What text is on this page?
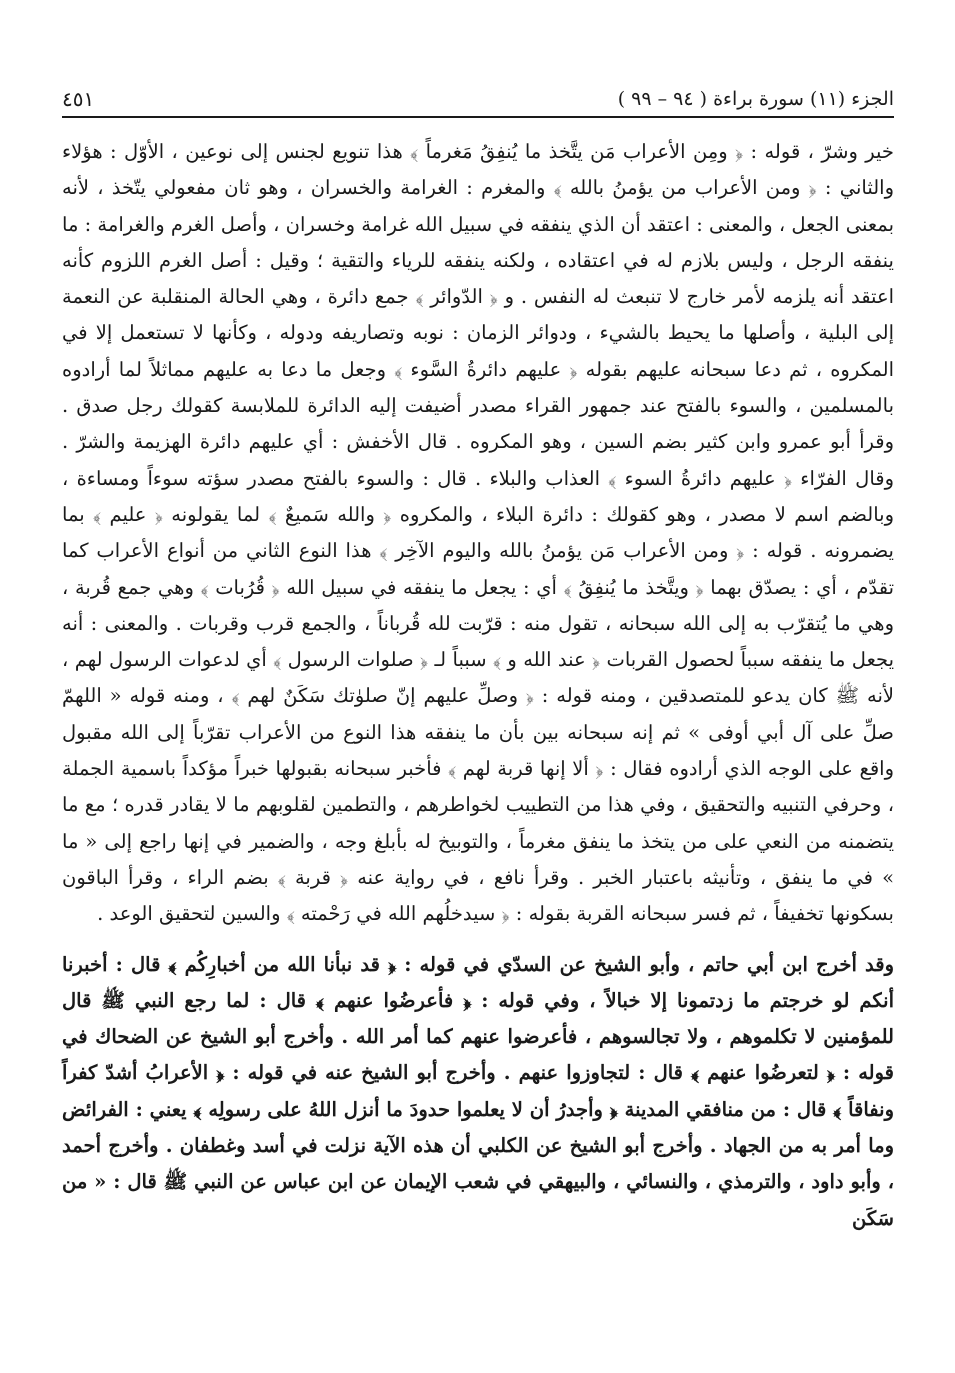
الجزء (١١) سورة براءة ( ٩٤ – ٩٩ )
٤٥١

خير وشرّ ، قوله : ﴿ ومِن الأعراب مَن يتَّخذ ما يُنفِقُ مَغرماً ﴾ هذا تنويع لجنس إلى نوعين ، الأوّل : هؤلاء والثاني : ﴿ ومن الأعراب من يؤمنُ بالله ﴾ والمغرم : الغرامة والخسران ، وهو ثان مفعولي يتّخذ ، لأنه بمعنى الجعل ، والمعنى : اعتقد أن الذي ينفقه في سبيل الله غرامة وخسران ، وأصل الغرم والغرامة : ما ينفقه الرجل ، وليس بلازم له في اعتقاده ، ولكنه ينفقه للرياء والتقية ؛ وقيل : أصل الغرم اللزوم كأنه اعتقد أنه يلزمه لأمر خارج لا تنبعث له النفس . و ﴿ الدّوائر ﴾ جمع دائرة ، وهي الحالة المنقلبة عن النعمة إلى البلية ، وأصلها ما يحيط بالشيء ، ودوائر الزمان : نوبه وتصاريفه ودوله ، وكأنها لا تستعمل إلا في المكروه ، ثم دعا سبحانه عليهم بقوله ﴿ عليهم دائرةُ السَّوء ﴾ وجعل ما دعا به عليهم مماثلاً لما أرادوه بالمسلمين ، والسوء بالفتح عند جمهور القراء مصدر أضيفت إليه الدائرة للملابسة كقولك رجل صدق . وقرأ أبو عمرو وابن كثير بضم السين ، وهو المكروه . قال الأخفش : أي عليهم دائرة الهزيمة والشرّ . وقال الفرّاء ﴿ عليهم دائرةُ السوء ﴾ العذاب والبلاء . قال : والسوء بالفتح مصدر سؤته سوءاً ومساءة ، وبالضم اسم لا مصدر ، وهو كقولك : دائرة البلاء ، والمكروه ﴿ والله سَميعٌ ﴾ لما يقولونه ﴿ عليم ﴾ بما يضمرونه . قوله : ﴿ ومن الأعراب مَن يؤمنُ بالله واليوم الآخِر ﴾ هذا النوع الثاني من أنواع الأعراب كما تقدّم ، أي : يصدّق بهما ﴿ ويتَّخذ ما يُنفِقُ ﴾ أي : يجعل ما ينفقه في سبيل الله ﴿ قُرُبات ﴾ وهي جمع قُربة ، وهي ما يُتقرّب به إلى الله سبحانه ، تقول منه : قرّبت لله قُرباناً ، والجمع قرب وقربات . والمعنى : أنه يجعل ما ينفقه سبباً لحصول القربات ﴿ عند الله و ﴾ سبباً لـ ﴿ صلوات الرسول ﴾ أي لدعوات الرسول لهم ، لأنه ﷺ كان يدعو للمتصدقين ، ومنه قوله : ﴿ وصلِّ عليهم إنّ صلوٰتك سَكَنٌ لهم ﴾ ، ومنه قوله « اللهمّ صلِّ على آل أبي أوفى » ثم إنه سبحانه بين بأن ما ينفقه هذا النوع من الأعراب تقرّباً إلى الله مقبول واقع على الوجه الذي أرادوه فقال : ﴿ ألا إنها قربة لهم ﴾ فأخبر سبحانه بقبولها خبراً مؤكداً باسمية الجملة ، وحرفي التنبيه والتحقيق ، وفي هذا من التطييب لخواطرهم ، والتطمين لقلوبهم ما لا يقادر قدره ؛ مع ما يتضمنه من النعي على من يتخذ ما ينفق مغرماً ، والتوبيخ له بأبلغ وجه ، والضمير في إنها راجع إلى « ما » في ما ينفق ، وتأنيثه باعتبار الخبر . وقرأ نافع ، في رواية عنه ﴿ قربة ﴾ بضم الراء ، وقرأ الباقون بسكونها تخفيفاً ، ثم فسر سبحانه القربة بقوله : ﴿ سيدخلُهم الله في رَحْمته ﴾ والسين لتحقيق الوعد .

وقد أخرج ابن أبي حاتم ، وأبو الشيخ عن السدّي في قوله : ﴿ قد نبأنا الله من أخبارِكُم ﴾ قال : أخبرنا أنكم لو خرجتم ما زدتمونا إلا خبالاً ، وفي قوله : ﴿ فأعرضُوا عنهم ﴾ قال : لما رجع النبي ﷺ قال للمؤمنين لا تكلموهم ، ولا تجالسوهم ، فأعرضوا عنهم كما أمر الله . وأخرج أبو الشيخ عن الضحاك في قوله : ﴿ لتعرضُوا عنهم ﴾ قال : لتجاوزوا عنهم . وأخرج أبو الشيخ عنه في قوله : ﴿ الأعرابُ أشدّ كفراً ونفاقاً ﴾ قال : من منافقي المدينة ﴿ وأجدرُ أن لا يعلموا حدودَ ما أنزل اللهُ على رسولِه ﴾ يعني : الفرائض وما أمر به من الجهاد . وأخرج أبو الشيخ عن الكلبي أن هذه الآية نزلت في أسد وغطفان . وأخرج أحمد ، وأبو داود ، والترمذي ، والنسائي ، والبيهقي في شعب الإيمان عن ابن عباس عن النبي ﷺ قال : « من سَكَن
